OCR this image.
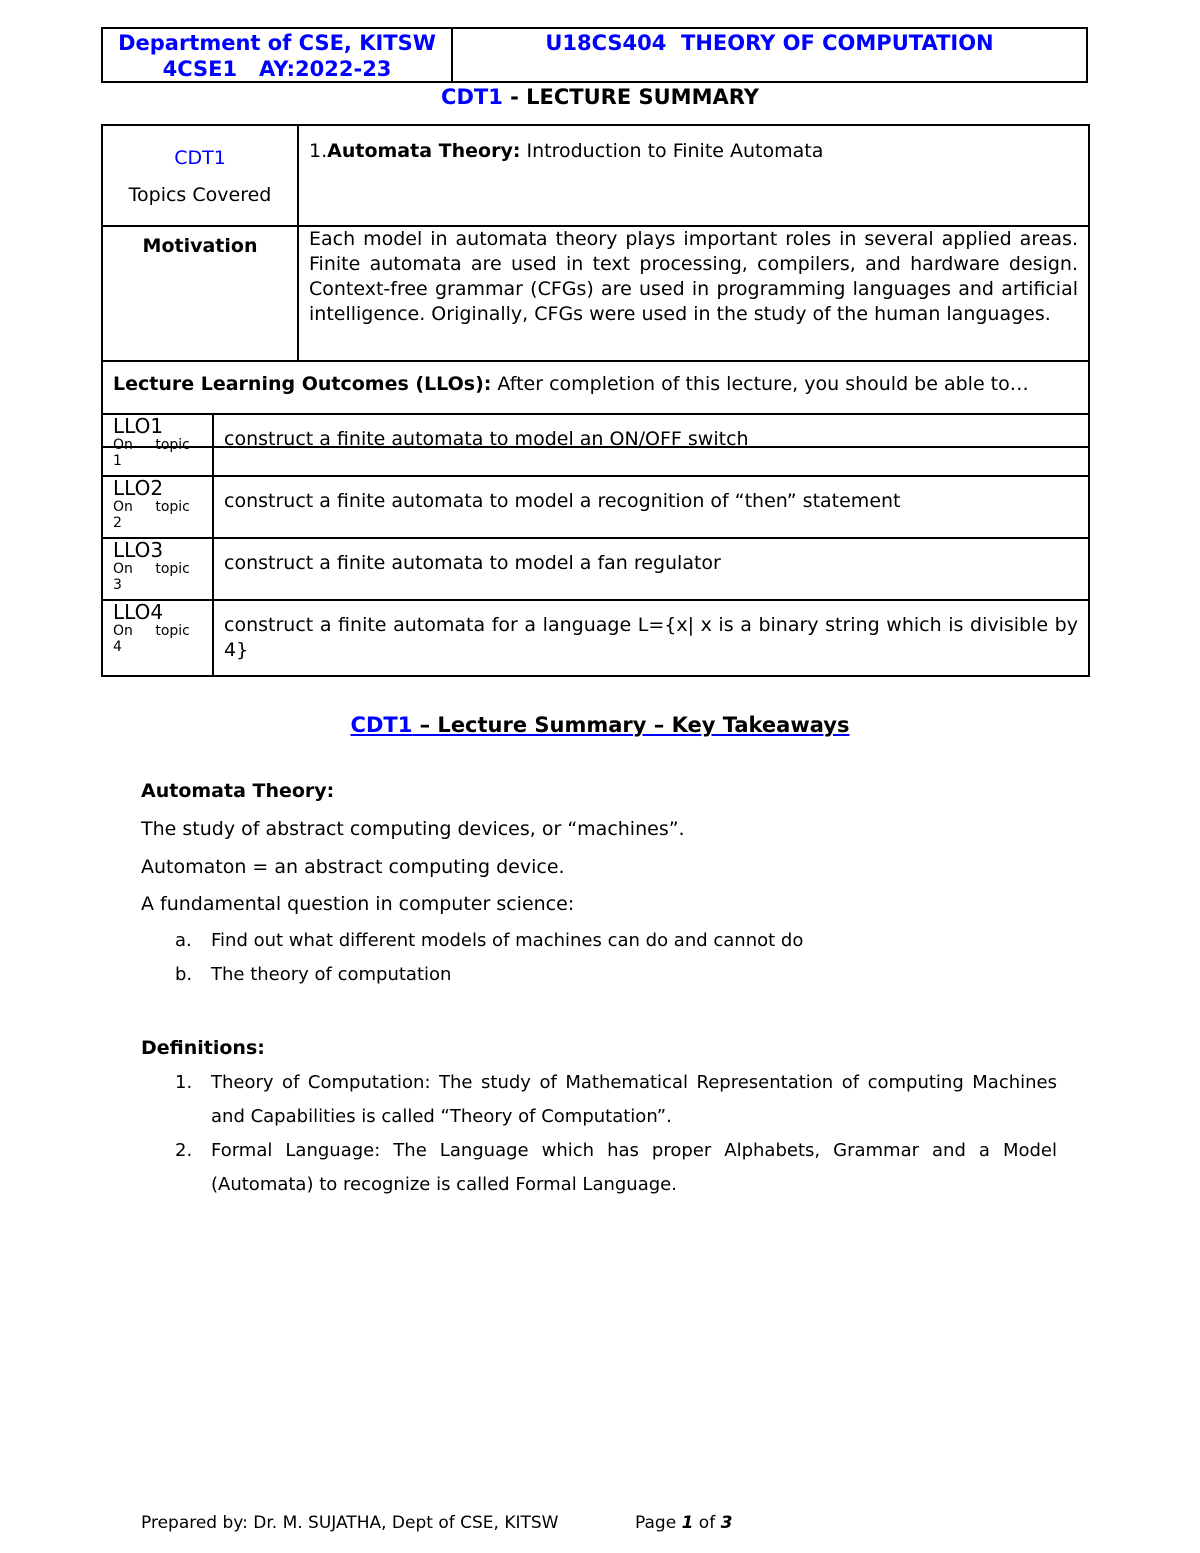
Department of CSE, KITSW
4CSE1   AY:2022-23
U18CS404  THEORY OF COMPUTATION
CDT1 - LECTURE SUMMARY
CDT1
Topics Covered	1.Automata Theory: Introduction to Finite Automata
Motivation	Each model in automata theory plays important roles in several applied areas. Finite automata are used in text processing, compilers, and hardware design. Context-free grammar (CFGs) are used in programming languages and artificial intelligence. Originally, CFGs were used in the study of the human languages.
Lecture Learning Outcomes (LLOs): After completion of this lecture, you should be able to…	
LLO1
On topic
1	construct a finite automata to model an ON/OFF switch

LLO2
On topic
2	construct a finite automata to model a recognition of “then” statement

LLO3
On topic
3	construct a finite automata to model a fan regulator

LLO4
On topic
4	construct a finite automata for a language L={x| x is a binary string which is divisible by 4}
CDT1 – Lecture Summary – Key Takeaways
Automata Theory:
The study of abstract computing devices, or “machines”.
Automaton = an abstract computing device.
A fundamental question in computer science:
a. Find out what different models of machines can do and cannot do
b. The theory of computation
Definitions:
1. Theory of Computation: The study of Mathematical Representation of computing Machines and Capabilities is called “Theory of Computation”.
2. Formal Language: The Language which has proper Alphabets, Grammar and a Model (Automata) to recognize is called Formal Language.
Prepared by: Dr. M. SUJATHA, Dept of CSE, KITSW	Page 1 of 3
